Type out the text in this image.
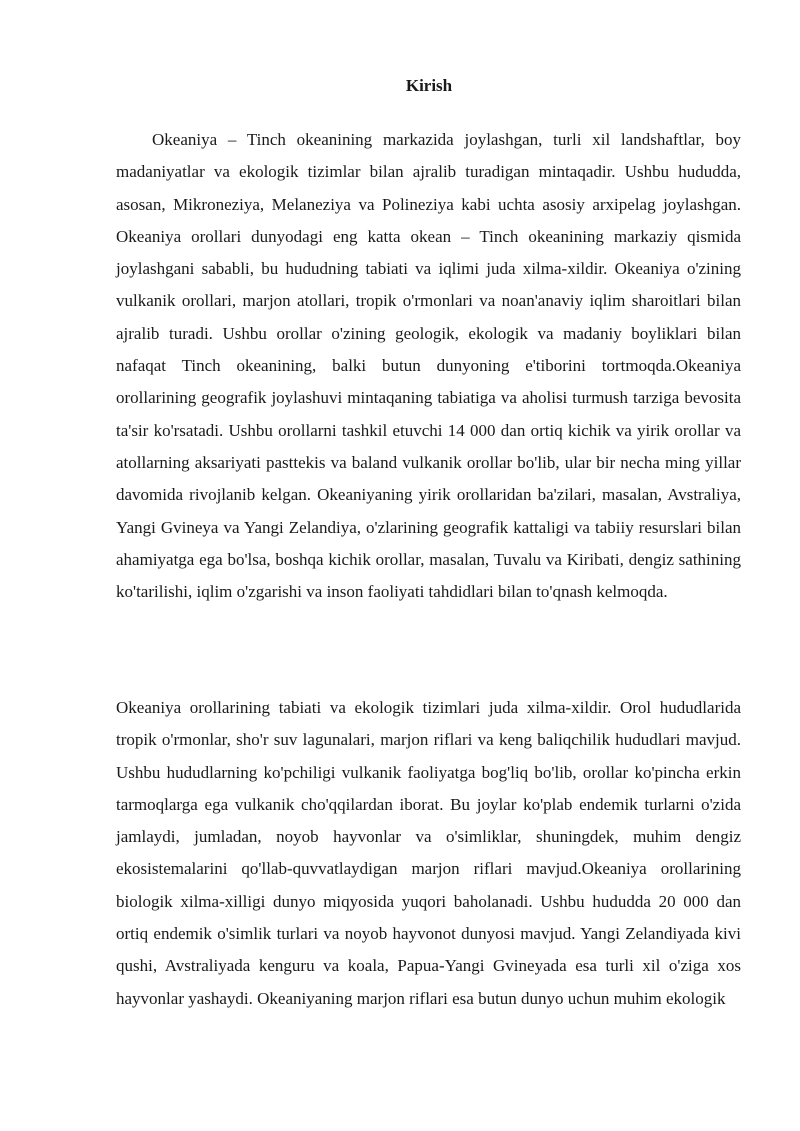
Kirish

Okeaniya – Tinch okeanining markazida joylashgan, turli xil landshaftlar, boy madaniyatlar va ekologik tizimlar bilan ajralib turadigan mintaqadir. Ushbu hududda, asosan, Mikroneziya, Melaneziya va Polineziya kabi uchta asosiy arxipelag joylashgan. Okeaniya orollari dunyodagi eng katta okean – Tinch okeanining markaziy qismida joylashgani sababli, bu hududning tabiati va iqlimi juda xilma-xildir. Okeaniya o'zining vulkanik orollari, marjon atollari, tropik o'rmonlari va noan'anaviy iqlim sharoitlari bilan ajralib turadi. Ushbu orollar o'zining geologik, ekologik va madaniy boyliklari bilan nafaqat Tinch okeanining, balki butun dunyoning e'tiborini tortmoqda.Okeaniya orollarining geografik joylashuvi mintaqaning tabiatiga va aholisi turmush tarziga bevosita ta'sir ko'rsatadi. Ushbu orollarni tashkil etuvchi 14 000 dan ortiq kichik va yirik orollar va atollarning aksariyati pasttekis va baland vulkanik orollar bo'lib, ular bir necha ming yillar davomida rivojlanib kelgan. Okeaniyaning yirik orollaridan ba'zilari, masalan, Avstraliya, Yangi Gvineya va Yangi Zelandiya, o'zlarining geografik kattaligi va tabiiy resurslari bilan ahamiyatga ega bo'lsa, boshqa kichik orollar, masalan, Tuvalu va Kiribati, dengiz sathining ko'tarilishi, iqlim o'zgarishi va inson faoliyati tahdidlari bilan to'qnash kelmoqda.

Okeaniya orollarining tabiati va ekologik tizimlari juda xilma-xildir. Orol hududlarida tropik o'rmonlar, sho'r suv lagunalari, marjon riflari va keng baliqchilik hududlari mavjud. Ushbu hududlarning ko'pchiligi vulkanik faoliyatga bog'liq bo'lib, orollar ko'pincha erkin tarmoqlarga ega vulkanik cho'qqilardan iborat. Bu joylar ko'plab endemik turlarni o'zida jamlaydi, jumladan, noyob hayvonlar va o'simliklar, shuningdek, muhim dengiz ekosistemalarini qo'llab-quvvatlaydigan marjon riflari mavjud.Okeaniya orollarining biologik xilma-xilligi dunyo miqyosida yuqori baholanadi. Ushbu hududda 20 000 dan ortiq endemik o'simlik turlari va noyob hayvonot dunyosi mavjud. Yangi Zelandiyada kivi qushi, Avstraliyada kenguru va koala, Papua-Yangi Gvineyada esa turli xil o'ziga xos hayvonlar yashaydi. Okeaniyaning marjon riflari esa butun dunyo uchun muhim ekologik
